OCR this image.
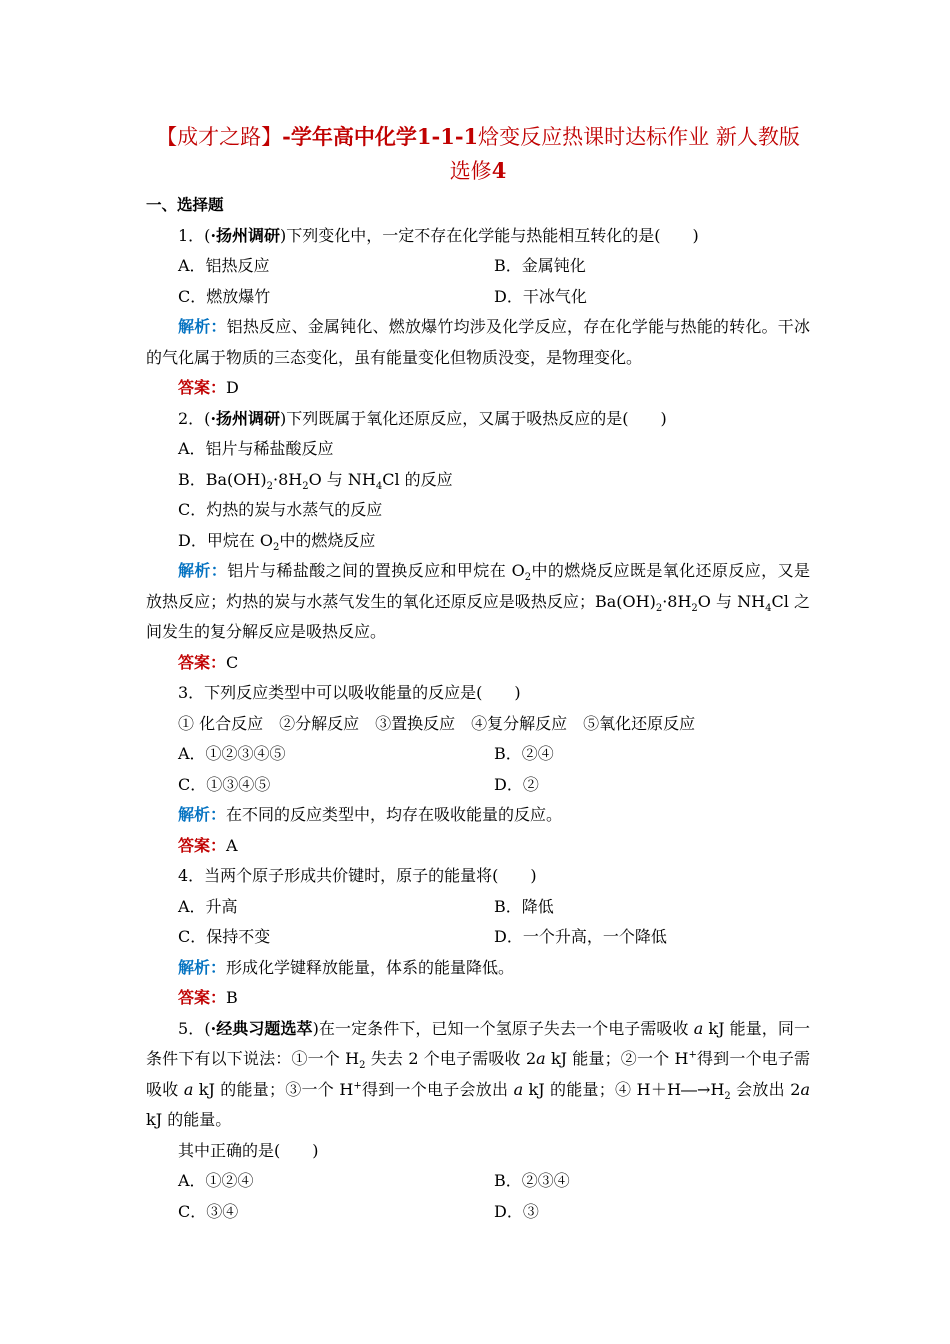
【成才之路】-学年高中化学1-1-1焓变反应热课时达标作业 新人教版选修4
一、选择题

1．(·扬州调研)下列变化中，一定不存在化学能与热能相互转化的是(　　)

A．铝热反应	B．金属钝化
C．燃放爆竹	D．干冰气化

解析：铝热反应、金属钝化、燃放爆竹均涉及化学反应，存在化学能与热能的转化。干冰的气化属于物质的三态变化，虽有能量变化但物质没变，是物理变化。

答案：D

2．(·扬州调研)下列既属于氧化还原反应，又属于吸热反应的是(　　)

A．铝片与稀盐酸反应
B．$Ba(OH)_2\cdot 8H_2O$ 与 $NH_4Cl$ 的反应
C．灼热的炭与水蒸气的反应
D．甲烷在 $O_2$中的燃烧反应

解析：铝片与稀盐酸之间的置换反应和甲烷在 $O_2$中的燃烧反应既是氧化还原反应，又是放热反应；灼热的炭与水蒸气发生的氧化还原反应是吸热反应；$Ba(OH)_2\cdot 8H_2O$ 与 $NH_4Cl$ 之间发生的复分解反应是吸热反应。

答案：C

3．下列反应类型中可以吸收能量的反应是(　　)

① 化合反应　②分解反应　③置换反应　④复分解反应　⑤氧化还原反应
A．①②③④⑤	B．②④
C．①③④⑤	D．②

解析：在不同的反应类型中，均存在吸收能量的反应。

答案：A

4．当两个原子形成共价键时，原子的能量将(　　)

A．升高	B．降低
C．保持不变	D．一个升高，一个降低

解析：形成化学键释放能量，体系的能量降低。

答案：B

5．(·经典习题选萃)在一定条件下，已知一个氢原子失去一个电子需吸收 a kJ 能量，同一条件下有以下说法：①一个 $H_2$ 失去 2 个电子需吸收 2a kJ 能量；②一个 H+得到一个电子需吸收 a kJ 的能量；③一个 H+得到一个电子会放出 a kJ 的能量；④ $H+H―\to H_2$ 会放出 2a kJ 的能量。

其中正确的是(　　)

A．①②④	B．②③④
C．③④	D．③
